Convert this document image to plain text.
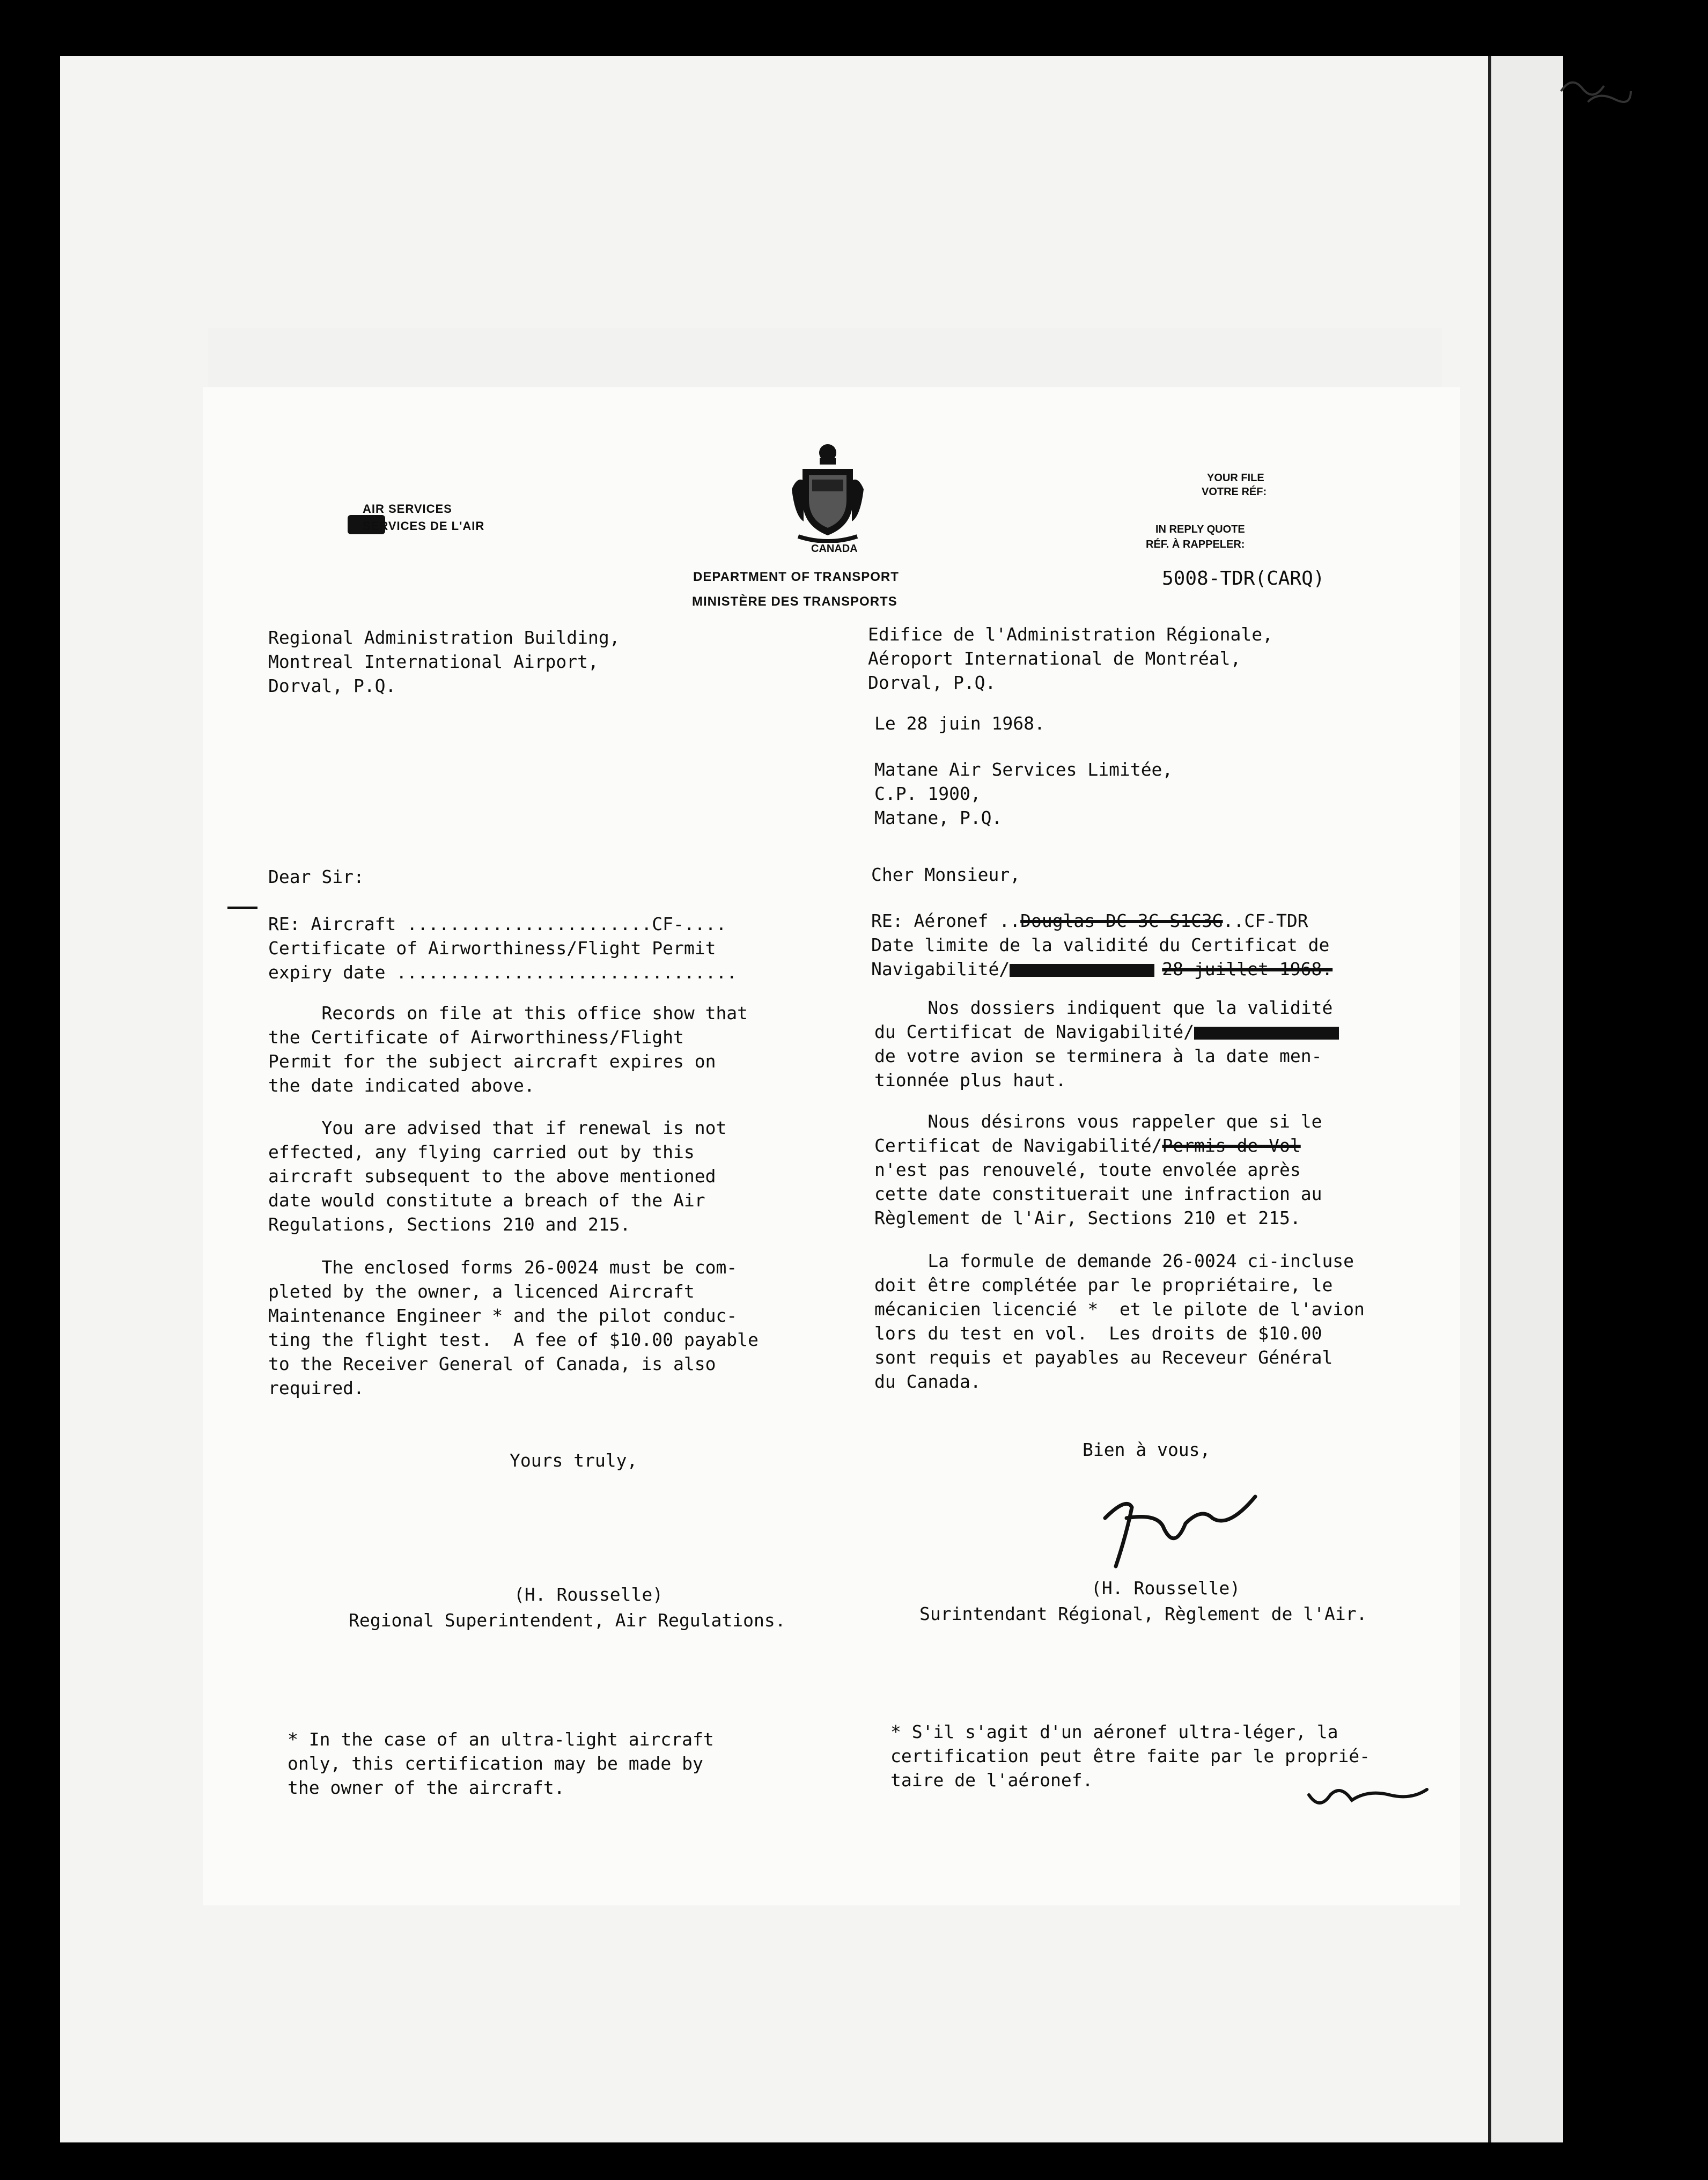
AIR SERVICES
SERVICES DE L'AIR
CANADA
DEPARTMENT OF TRANSPORT
MINISTÈRE DES TRANSPORTS
YOUR FILE
VOTRE RÉF:
IN REPLY QUOTE
RÉF. À RAPPELER:
5008-TDR(CARQ)
Regional Administration Building,
Montreal International Airport,
Dorval, P.Q.
Edifice de l'Administration Régionale,
Aéroport International de Montréal,
Dorval, P.Q.
Le 28 juin 1968.
Matane Air Services Limitée,
C.P. 1900,
Matane, P.Q.
Dear Sir:	Cher Monsieur,
RE: Aircraft .......................CF-....
Certificate of Airworthiness/Flight Permit
expiry date ................................
RE: Aéronef ..Douglas DC-3C-S1C3G..CF-TDR
Date limite de la validité du Certificat de
Navigabilité/	28 juillet 1968.
Records on file at this office show that
the Certificate of Airworthiness/Flight
Permit for the subject aircraft expires on
the date indicated above.
Nos dossiers indiquent que la validité
du Certificat de Navigabilité/
de votre avion se terminera à la date men-
tionnée plus haut.
You are advised that if renewal is not
effected, any flying carried out by this
aircraft subsequent to the above mentioned
date would constitute a breach of the Air
Regulations, Sections 210 and 215.
Nous désirons vous rappeler que si le
Certificat de Navigabilité/Permis de Vol
n'est pas renouvelé, toute envolée après
cette date constituerait une infraction au
Règlement de l'Air, Sections 210 et 215.
The enclosed forms 26-0024 must be com-
pleted by the owner, a licenced Aircraft
Maintenance Engineer * and the pilot conduc-
ting the flight test.  A fee of $10.00 payable
to the Receiver General of Canada, is also
required.
La formule de demande 26-0024 ci-incluse
doit être complétée par le propriétaire, le
mécanicien licencié *  et le pilote de l'avion
lors du test en vol.  Les droits de $10.00
sont requis et payables au Receveur Général
du Canada.
Yours truly,
Bien à vous,
(H. Rousselle)	(H. Rousselle)
Regional Superintendent, Air Regulations.	Surintendant Régional, Règlement de l'Air.
* In the case of an ultra-light aircraft
only, this certification may be made by
the owner of the aircraft.
* S'il s'agit d'un aéronef ultra-léger, la
certification peut être faite par le proprié-
taire de l'aéronef.
